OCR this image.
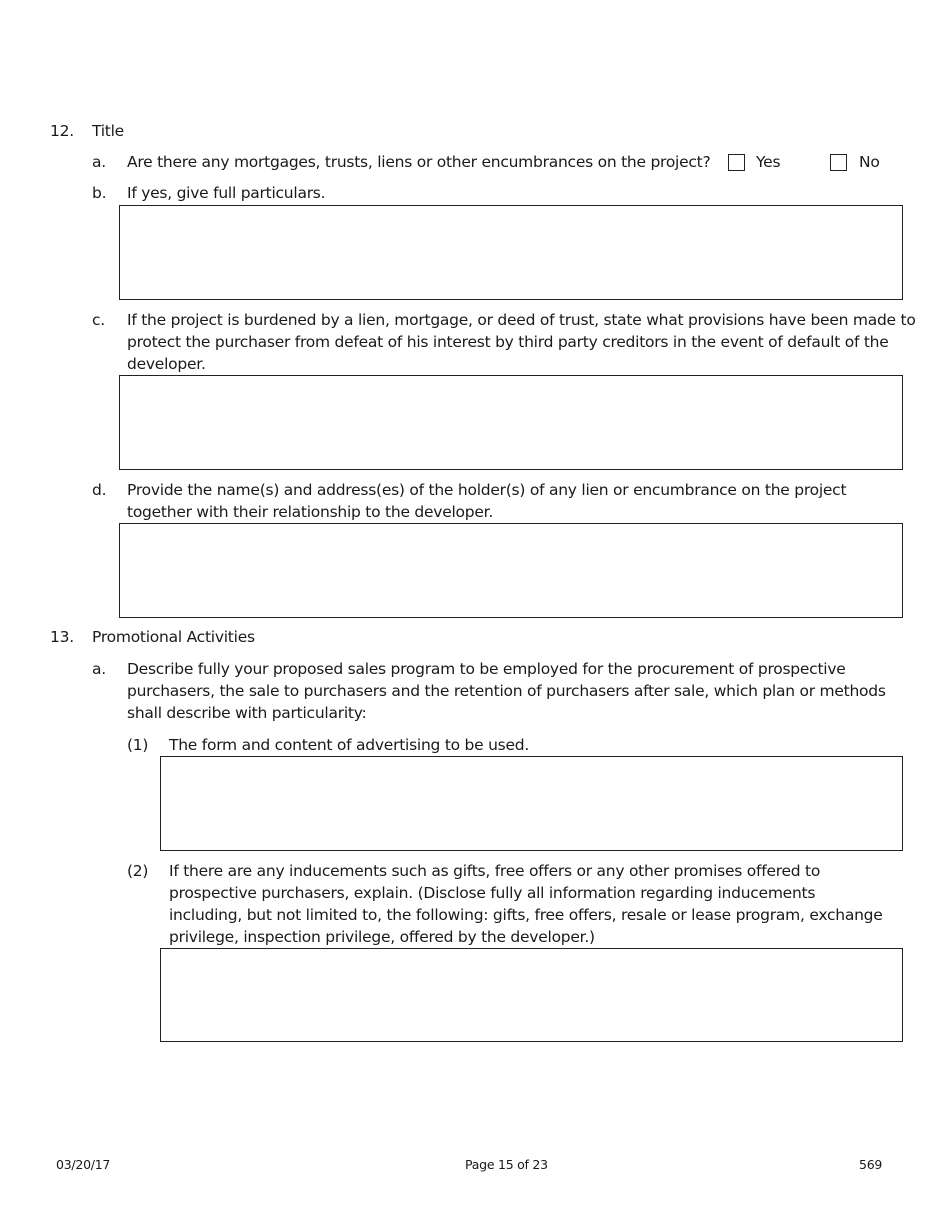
12. Title
a. Are there any mortgages, trusts, liens or other encumbrances on the project?	Yes	No
b. If yes, give full particulars.
c. If the project is burdened by a lien, mortgage, or deed of trust, state what provisions have been made to
protect the purchaser from defeat of his interest by third party creditors in the event of default of the
developer.
d. Provide the name(s) and address(es) of the holder(s) of any lien or encumbrance on the project
together with their relationship to the developer.
13. Promotional Activities
a. Describe fully your proposed sales program to be employed for the procurement of prospective
purchasers, the sale to purchasers and the retention of purchasers after sale, which plan or methods
shall describe with particularity:
(1) The form and content of advertising to be used.
(2) If there are any inducements such as gifts, free offers or any other promises offered to
prospective purchasers, explain. (Disclose fully all information regarding inducements
including, but not limited to, the following: gifts, free offers, resale or lease program, exchange
privilege, inspection privilege, offered by the developer.)
03/20/17	Page 15 of 23	569
